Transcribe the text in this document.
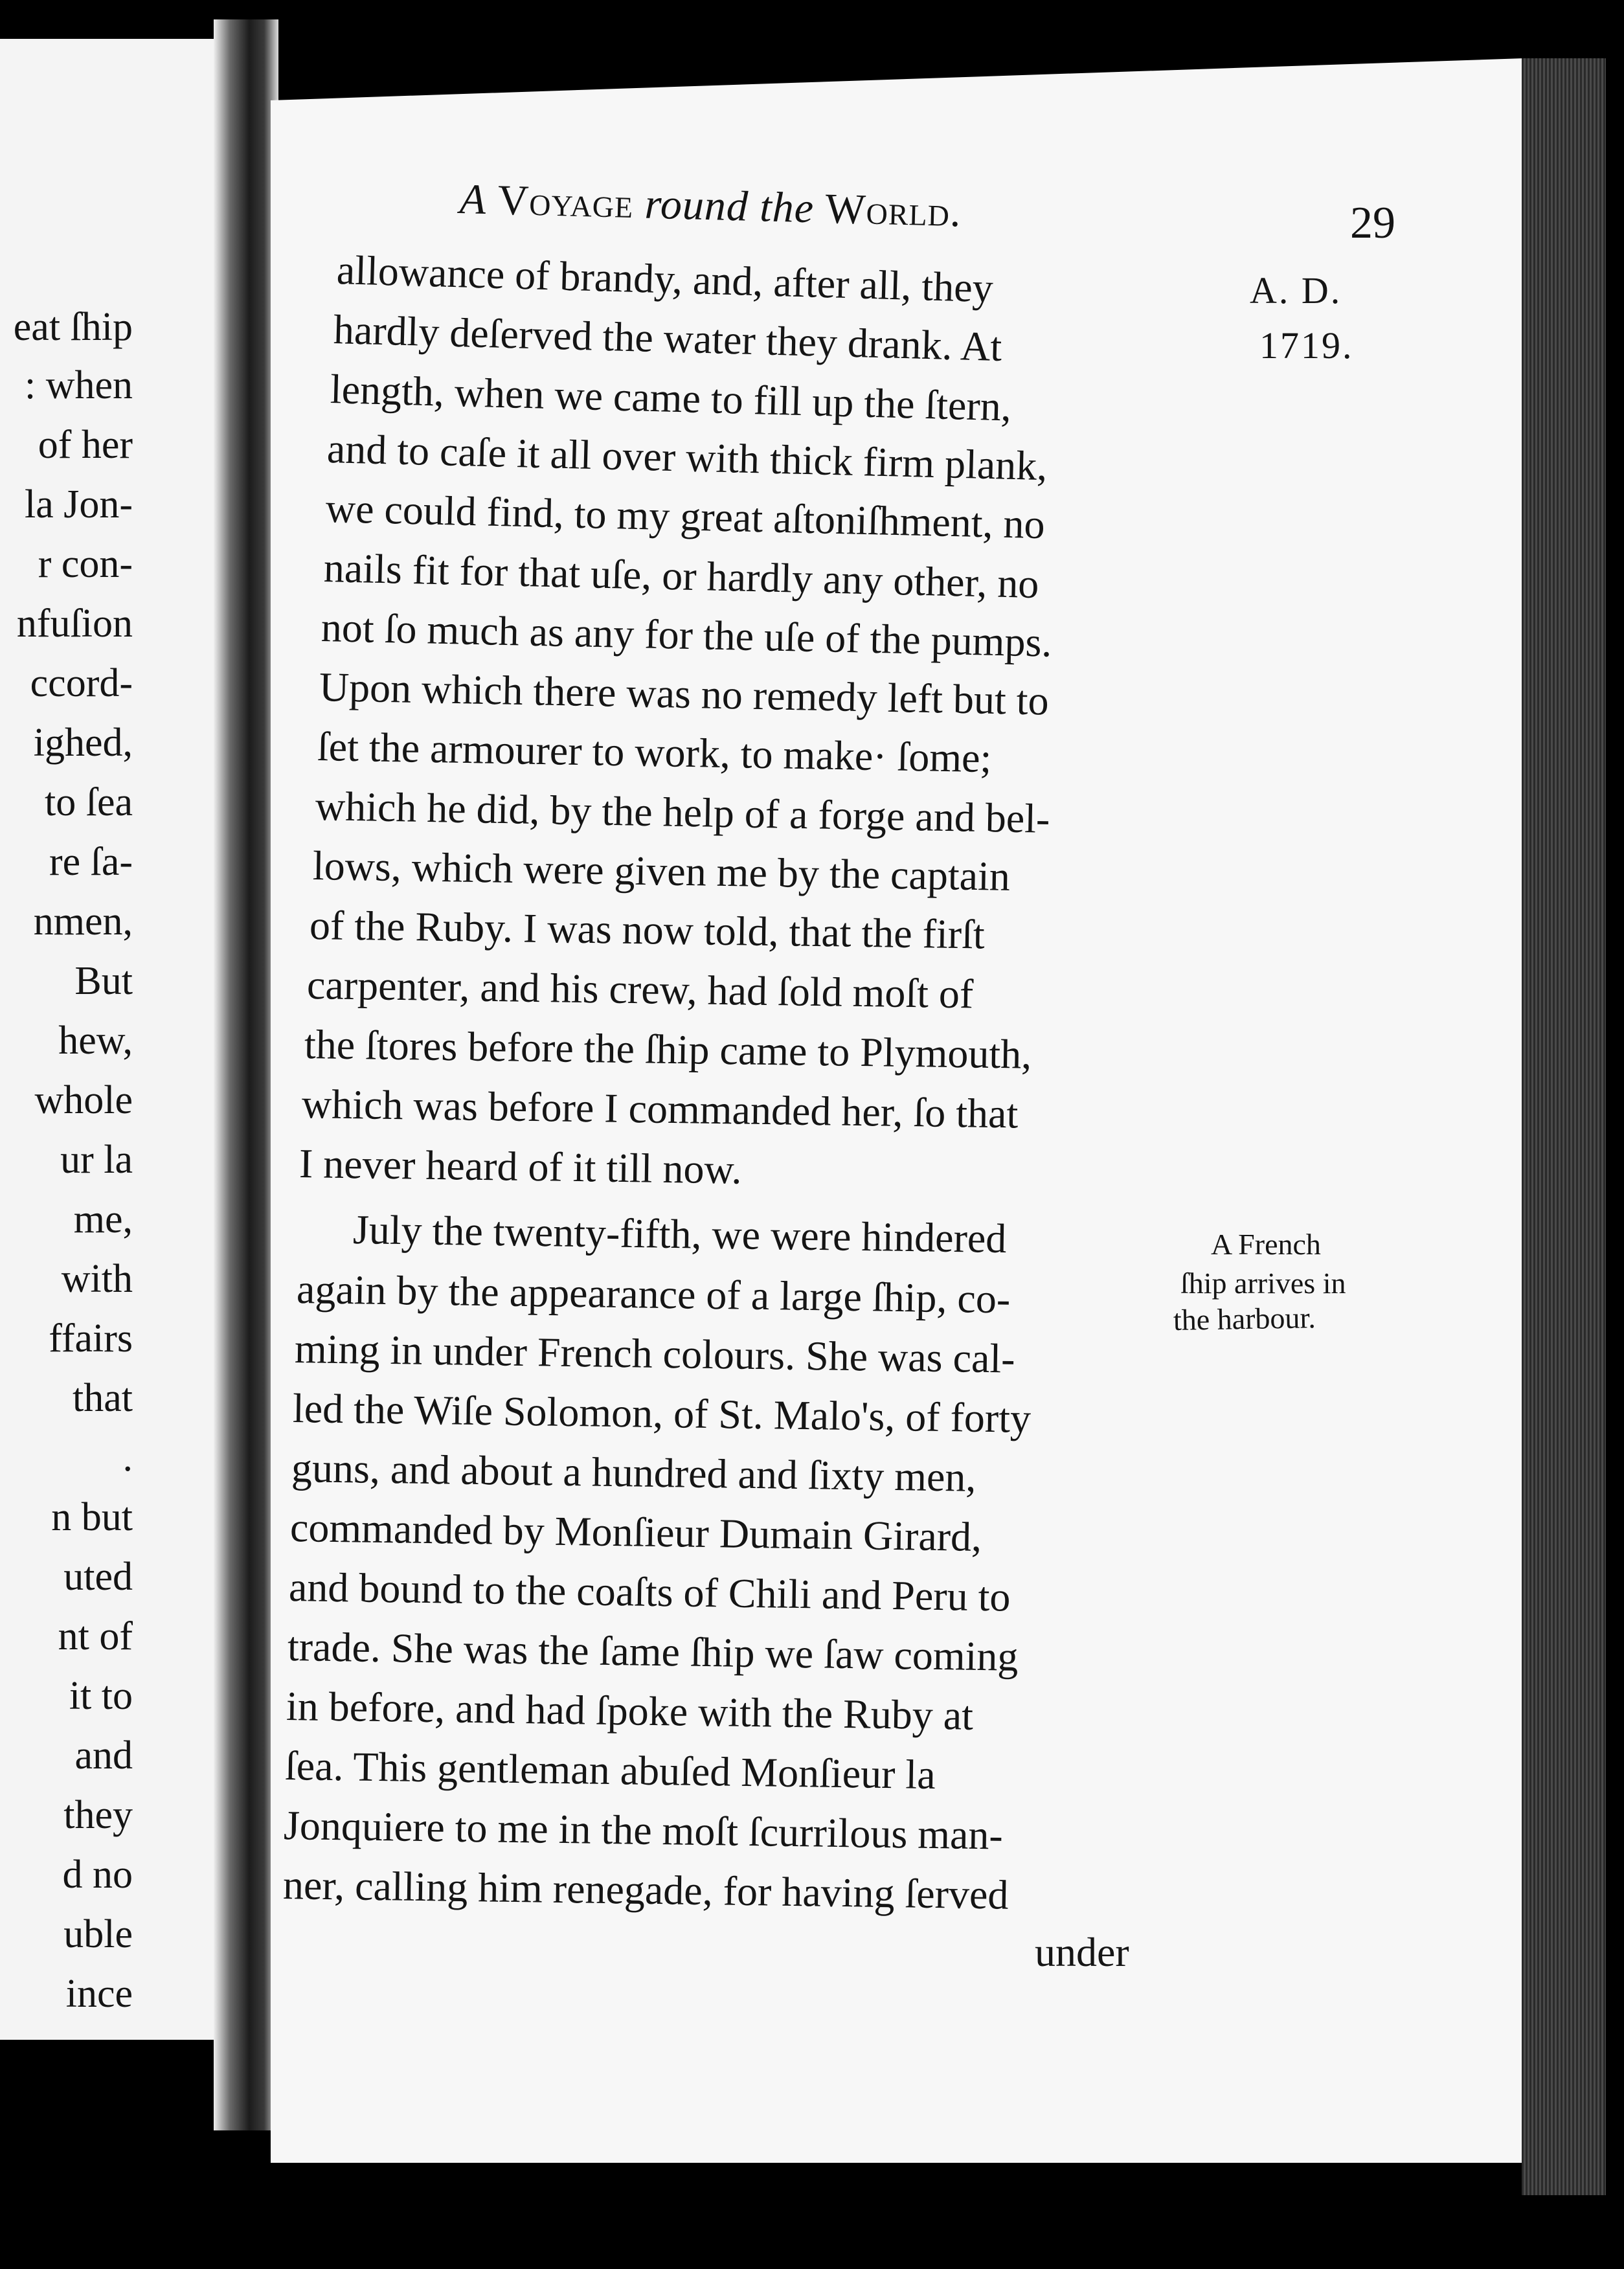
eat ſhip
: when
of her
la Jon-
r con-
nfuſion
ccord-
ighed,
to ſea
re ſa-
nmen,
But
hew,
whole
ur la
me,
with
ffairs
that
.
n but
uted
nt of
it to
and
they
d no
uble
ince
A Voyage round the World.	29
A. D.
1719.
A French
ſhip arrives in
the harbour.
allowance of brandy, and, after all, they
hardly deſerved the water they drank. At
length, when we came to fill up the ſtern,
and to caſe it all over with thick firm plank,
we could find, to my great aſtoniſhment, no
nails fit for that uſe, or hardly any other, no
not ſo much as any for the uſe of the pumps.
Upon which there was no remedy left but to
ſet the armourer to work, to make· ſome;
which he did, by the help of a forge and bel-
lows, which were given me by the captain
of the Ruby. I was now told, that the firſt
carpenter, and his crew, had ſold moſt of
the ſtores before the ſhip came to Plymouth,
which was before I commanded her, ſo that
I never heard of it till now.
July the twenty-fifth, we were hindered
again by the appearance of a large ſhip, co-
ming in under French colours. She was cal-
led the Wiſe Solomon, of St. Malo's, of forty
guns, and about a hundred and ſixty men,
commanded by Monſieur Dumain Girard,
and bound to the coaſts of Chili and Peru to
trade. She was the ſame ſhip we ſaw coming
in before, and had ſpoke with the Ruby at
ſea. This gentleman abuſed Monſieur la
Jonquiere to me in the moſt ſcurrilous man-
ner, calling him renegade, for having ſerved
under
